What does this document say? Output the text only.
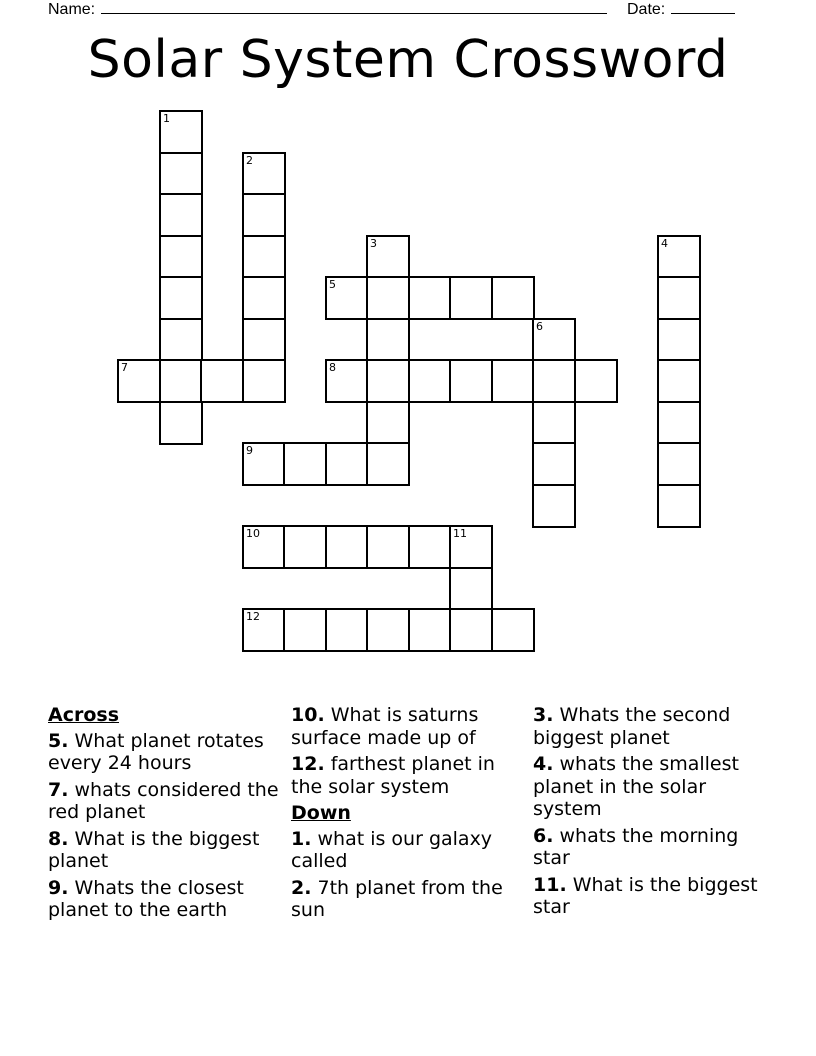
Name:	Date:
Solar System Crossword
1
2
3	4
5
6
7	8
9
10	11
12
Across
5. What planet rotates every 24 hours
7. whats considered the red planet
8. What is the biggest planet
9. Whats the closest planet to the earth
10. What is saturns surface made up of
12. farthest planet in the solar system
Down
1. what is our galaxy called
2. 7th planet from the sun
3. Whats the second biggest planet
4. whats the smallest planet in the solar system
6. whats the morning star
11. What is the biggest star
